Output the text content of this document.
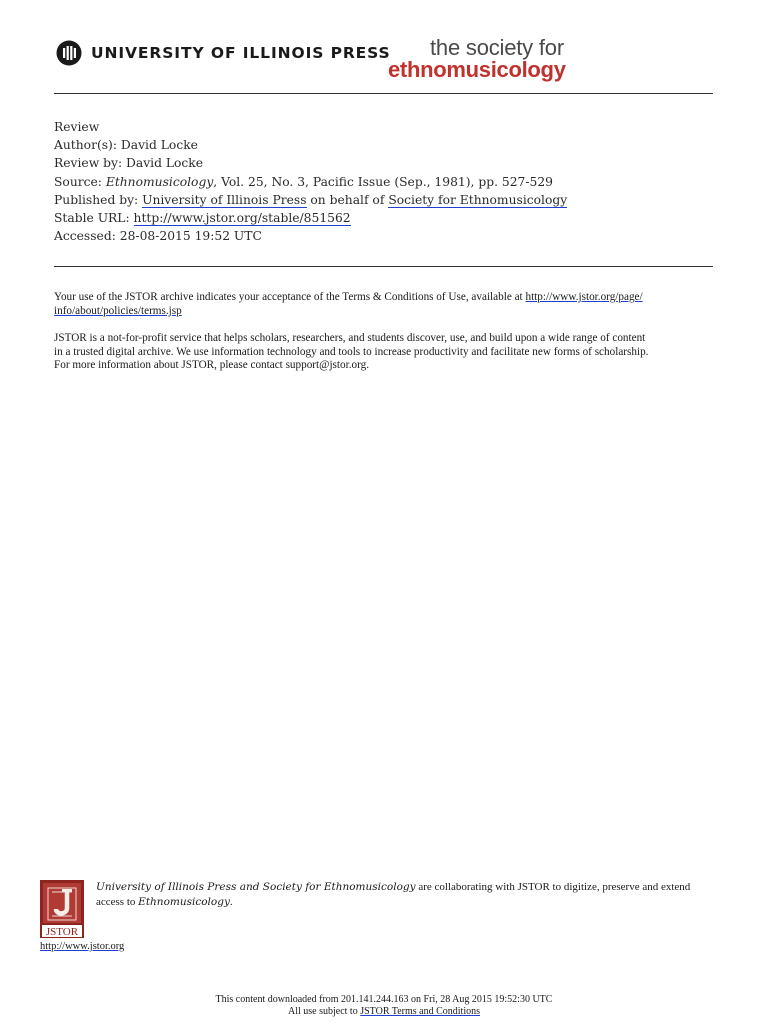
UNIVERSITY OF ILLINOIS PRESS	the society for
ethnomusicology
Review
Author(s): David Locke
Review by: David Locke
Source: Ethnomusicology, Vol. 25, No. 3, Pacific Issue (Sep., 1981), pp. 527-529
Published by: University of Illinois Press on behalf of Society for Ethnomusicology
Stable URL: http://www.jstor.org/stable/851562
Accessed: 28-08-2015 19:52 UTC
Your use of the JSTOR archive indicates your acceptance of the Terms & Conditions of Use, available at http://www.jstor.org/page/
info/about/policies/terms.jsp
JSTOR is a not-for-profit service that helps scholars, researchers, and students discover, use, and build upon a wide range of content
in a trusted digital archive. We use information technology and tools to increase productivity and facilitate new forms of scholarship.
For more information about JSTOR, please contact support@jstor.org.
JSTOR
University of Illinois Press and Society for Ethnomusicology are collaborating with JSTOR to digitize, preserve and extend
access to Ethnomusicology.
http://www.jstor.org
This content downloaded from 201.141.244.163 on Fri, 28 Aug 2015 19:52:30 UTC
All use subject to JSTOR Terms and Conditions
